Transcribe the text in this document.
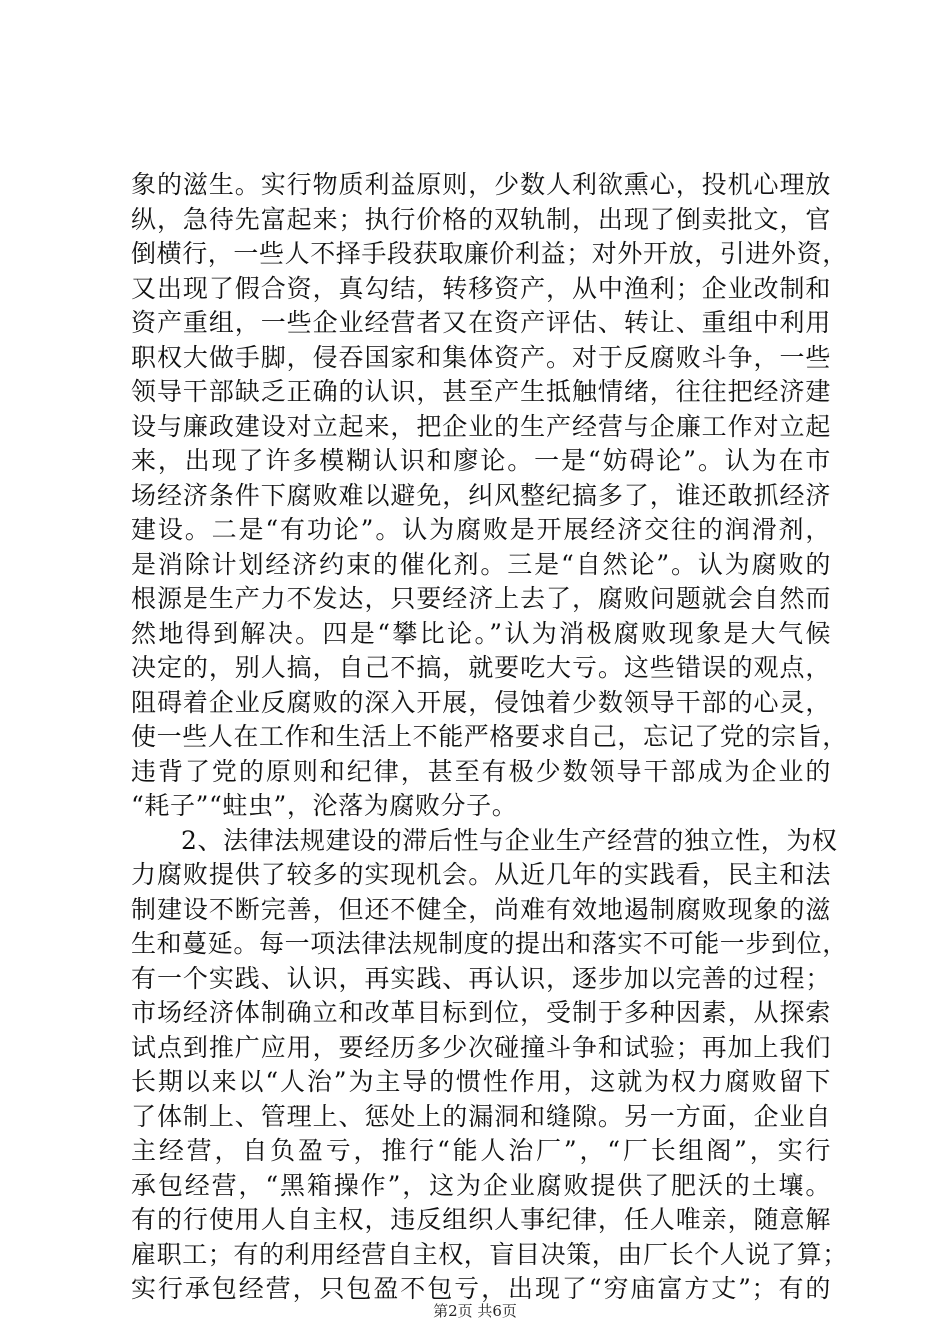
象的滋生。实行物质利益原则，少数人利欲熏心，投机心理放
纵，急待先富起来；执行价格的双轨制，出现了倒卖批文，官
倒横行，一些人不择手段获取廉价利益；对外开放，引进外资，
又出现了假合资，真勾结，转移资产，从中渔利；企业改制和
资产重组，一些企业经营者又在资产评估、转让、重组中利用
职权大做手脚，侵吞国家和集体资产。对于反腐败斗争，一些
领导干部缺乏正确的认识，甚至产生抵触情绪，往往把经济建
设与廉政建设对立起来，把企业的生产经营与企廉工作对立起
来，出现了许多模糊认识和廖论。一是“妨碍论”。认为在市
场经济条件下腐败难以避免，纠风整纪搞多了，谁还敢抓经济
建设。二是“有功论”。认为腐败是开展经济交往的润滑剂，
是消除计划经济约束的催化剂。三是“自然论”。认为腐败的
根源是生产力不发达，只要经济上去了，腐败问题就会自然而
然地得到解决。四是“攀比论。”认为消极腐败现象是大气候
决定的，别人搞，自己不搞，就要吃大亏。这些错误的观点，
阻碍着企业反腐败的深入开展，侵蚀着少数领导干部的心灵，
使一些人在工作和生活上不能严格要求自己，忘记了党的宗旨，
违背了党的原则和纪律，甚至有极少数领导干部成为企业的
“耗子”“蛀虫”，沦落为腐败分子。
2、法律法规建设的滞后性与企业生产经营的独立性，为权
力腐败提供了较多的实现机会。从近几年的实践看，民主和法
制建设不断完善，但还不健全，尚难有效地遏制腐败现象的滋
生和蔓延。每一项法律法规制度的提出和落实不可能一步到位，
有一个实践、认识，再实践、再认识，逐步加以完善的过程；
市场经济体制确立和改革目标到位，受制于多种因素，从探索
试点到推广应用，要经历多少次碰撞斗争和试验；再加上我们
长期以来以“人治”为主导的惯性作用，这就为权力腐败留下
了体制上、管理上、惩处上的漏洞和缝隙。另一方面，企业自
主经营，自负盈亏，推行“能人治厂”，“厂长组阁”，实行
承包经营，“黑箱操作”，这为企业腐败提供了肥沃的土壤。
有的行使用人自主权，违反组织人事纪律，任人唯亲，随意解
雇职工；有的利用经营自主权，盲目决策，由厂长个人说了算；
实行承包经营，只包盈不包亏，出现了“穷庙富方丈”；有的
第2页 共6页
